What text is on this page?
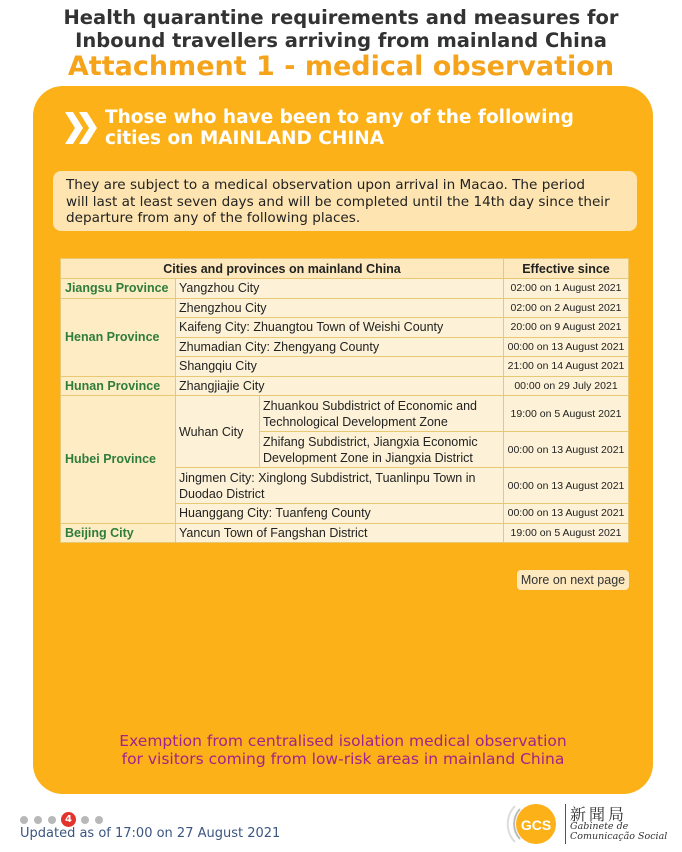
Health quarantine requirements and measures for
Inbound travellers arriving from mainland China
Attachment 1 - medical observation
Those who have been to any of the following
cities on MAINLAND CHINA
They are subject to a medical observation upon arrival in Macao. The period
will last at least seven days and will be completed until the 14th day since their
departure from any of the following places.
Cities and provinces on mainland China			Effective since
Jiangsu Province	Yangzhou City		02:00 on 1 August 2021
Henan Province	Zhengzhou City		02:00 on 2 August 2021
	Kaifeng City: Zhuangtou Town of Weishi County		20:00 on 9 August 2021
	Zhumadian City: Zhengyang County		00:00 on 13 August 2021
	Shangqiu City		21:00 on 14 August 2021
Hunan Province	Zhangjiajie City		00:00 on 29 July 2021
Hubei Province	Wuhan City	Zhuankou Subdistrict of Economic and
Technological Development Zone	19:00 on 5 August 2021

		Zhifang Subdistrict, Jiangxia Economic
Development Zone in Jiangxia District	00:00 on 13 August 2021

	Jingmen City: Xinglong Subdistrict, Tuanlinpu Town in
Duodao District		00:00 on 13 August 2021
	Huanggang City: Tuanfeng County		00:00 on 13 August 2021
Beijing City	Yancun Town of Fangshan District		19:00 on 5 August 2021
More on next page
Exemption from centralised isolation medical observation
for visitors coming from low-risk areas in mainland China
4
Updated as of 17:00 on 27 August 2021
GCS
新聞局
Gabinete de
Comunicação Social
